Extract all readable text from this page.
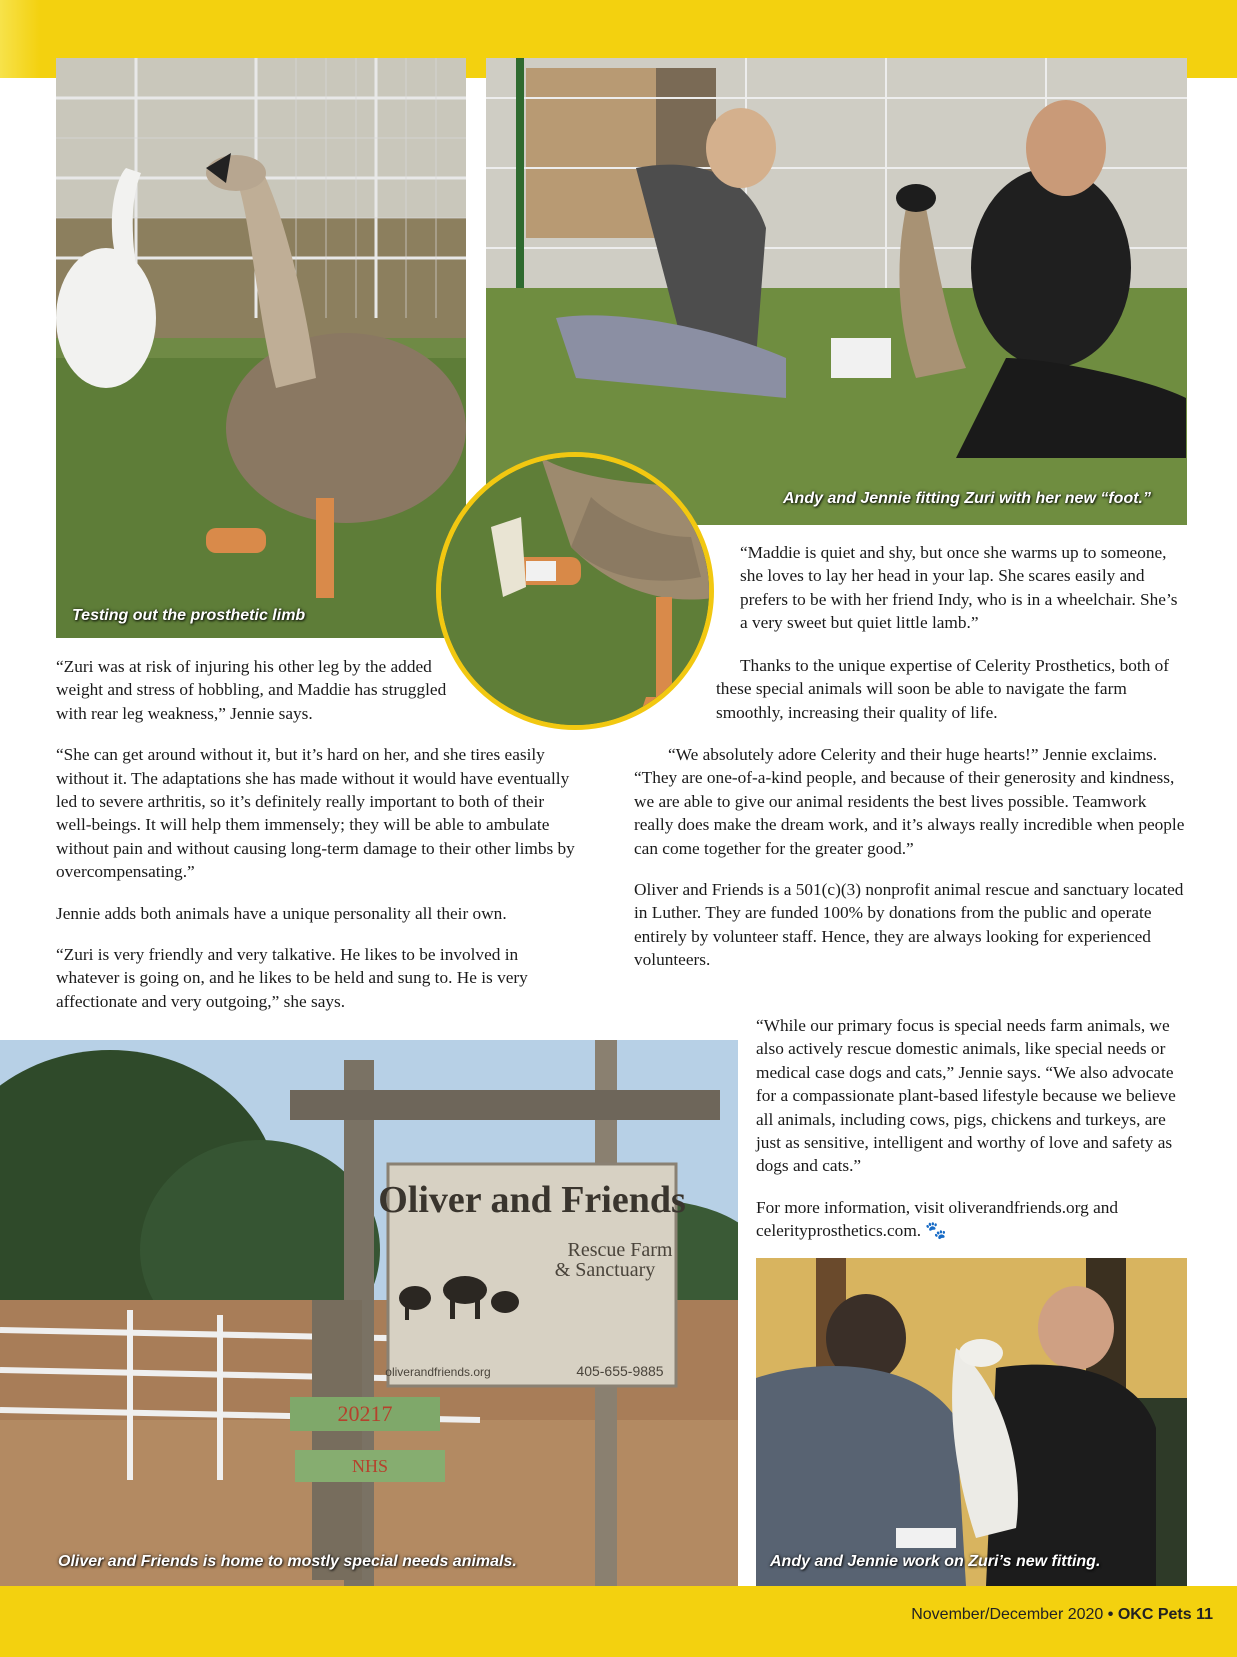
Testing out the prosthetic limb
Andy and Jennie fitting Zuri with her new “foot.”

“Zuri was at risk of injuring his other leg by the added weight and stress of hobbling, and Maddie has struggled with rear leg weakness,” Jennie says.

“She can get around without it, but it’s hard on her, and she tires easily without it. The adaptations she has made without it would have eventually led to severe arthritis, so it’s definitely really important to both of their well-beings. It will help them immensely; they will be able to ambulate without pain and without causing long-term damage to their other limbs by overcompensating.”

Jennie adds both animals have a unique personality all their own.

“Zuri is very friendly and very talkative. He likes to be involved in whatever is going on, and he likes to be held and sung to. He is very affectionate and very outgoing,” she says.

“Maddie is quiet and shy, but once she warms up to someone, she loves to lay her head in your lap. She scares easily and prefers to be with her friend Indy, who is in a wheelchair. She’s a very sweet but quiet little lamb.”

Thanks to the unique expertise of Celerity Prosthetics, both of these special animals will soon be able to navigate the farm smoothly, increasing their quality of life.

“We absolutely adore Celerity and their huge hearts!” Jennie exclaims. “They are one-of-a-kind people, and because of their generosity and kindness, we are able to give our animal residents the best lives possible. Teamwork really does make the dream work, and it’s always really incredible when people can come together for the greater good.”

Oliver and Friends is a 501(c)(3) nonprofit animal rescue and sanctuary located in Luther. They are funded 100% by donations from the public and operate entirely by volunteer staff. Hence, they are always looking for experienced volunteers.

“While our primary focus is special needs farm animals, we also actively rescue domestic animals, like special needs or medical case dogs and cats,” Jennie says. “We also advocate for a compassionate plant-based lifestyle because we believe all animals, including cows, pigs, chickens and turkeys, are just as sensitive, intelligent and worthy of love and safety as dogs and cats.”

For more information, visit oliverandfriends.org and celerityprosthetics.com. 🐾

Oliver and Friends
Rescue Farm
& Sanctuary
oliverandfriends.org	405-655-9885
20217
NHS
Oliver and Friends is home to mostly special needs animals.	Andy and Jennie work on Zuri’s new fitting.
November/December 2020 • OKC Pets 11
